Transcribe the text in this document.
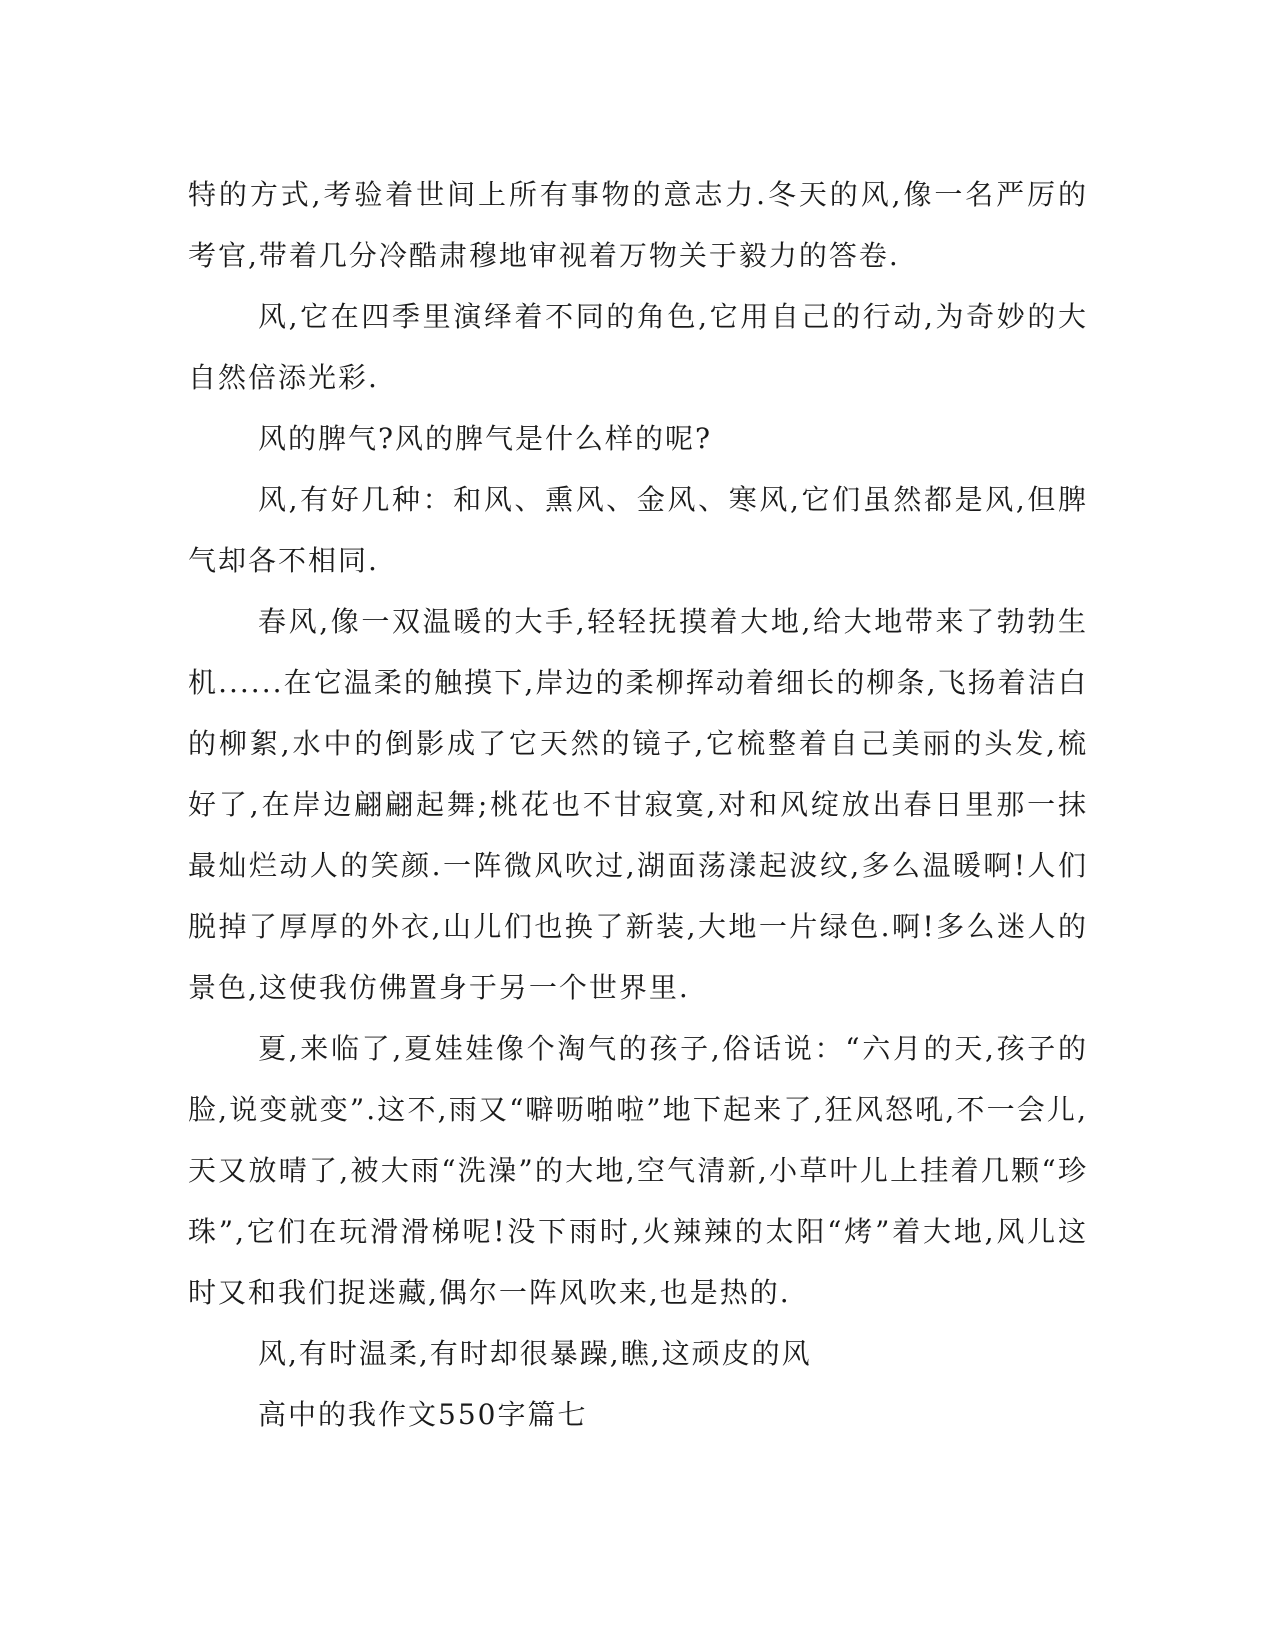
特的方式,考验着世间上所有事物的意志力.冬天的风,像一名严厉的考官,带着几分冷酷肃穆地审视着万物关于毅力的答卷.

风,它在四季里演绎着不同的角色,它用自己的行动,为奇妙的大自然倍添光彩.

风的脾气?风的脾气是什么样的呢?

风,有好几种：和风、熏风、金风、寒风,它们虽然都是风,但脾气却各不相同.

春风,像一双温暖的大手,轻轻抚摸着大地,给大地带来了勃勃生机......在它温柔的触摸下,岸边的柔柳挥动着细长的柳条,飞扬着洁白的柳絮,水中的倒影成了它天然的镜子,它梳整着自己美丽的头发,梳好了,在岸边翩翩起舞;桃花也不甘寂寞,对和风绽放出春日里那一抹最灿烂动人的笑颜.一阵微风吹过,湖面荡漾起波纹,多么温暖啊!人们脱掉了厚厚的外衣,山儿们也换了新装,大地一片绿色.啊!多么迷人的景色,这使我仿佛置身于另一个世界里.

夏,来临了,夏娃娃像个淘气的孩子,俗话说：“六月的天,孩子的脸,说变就变”.这不,雨又“噼呖啪啦”地下起来了,狂风怒吼,不一会儿,天又放晴了,被大雨“洗澡”的大地,空气清新,小草叶儿上挂着几颗“珍珠”,它们在玩滑滑梯呢!没下雨时,火辣辣的太阳“烤”着大地,风儿这时又和我们捉迷藏,偶尔一阵风吹来,也是热的.

风,有时温柔,有时却很暴躁,瞧,这顽皮的风

高中的我作文550字篇七
